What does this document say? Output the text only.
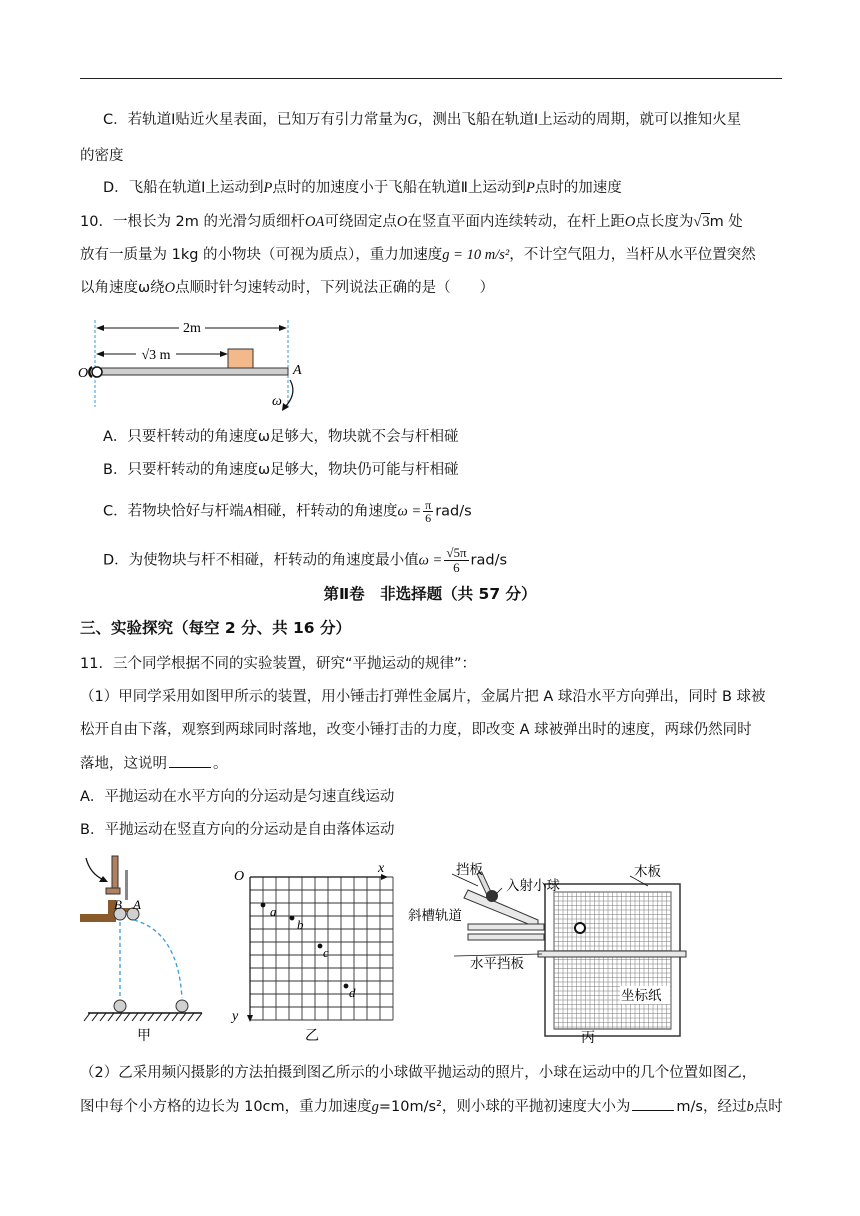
C．若轨道Ⅰ贴近火星表面，已知万有引力常量为G，测出飞船在轨道Ⅰ上运动的周期，就可以推知火星
的密度
D．飞船在轨道Ⅰ上运动到P点时的加速度小于飞船在轨道Ⅱ上运动到P点时的加速度
10．一根长为 2m 的光滑匀质细杆OA可绕固定点O在竖直平面内连续转动，在杆上距O点长度为√3m 处
放有一质量为 1kg 的小物块（可视为质点），重力加速度g = 10 m/s²，不计空气阻力，当杆从水平位置突然
以角速度ω绕O点顺时针匀速转动时，下列说法正确的是（　　）
2m
√3 m
O	A
ω
A．只要杆转动的角速度ω足够大，物块就不会与杆相碰
B．只要杆转动的角速度ω足够大，物块仍可能与杆相碰
C．若物块恰好与杆端A相碰，杆转动的角速度$\omega = \frac{\pi}{6} rad/s$
D．为使物块与杆不相碰，杆转动的角速度最小值$\omega = \frac{√5\pi}{6} rad/s$
第Ⅱ卷　非选择题（共 57 分）
三、实验探究（每空 2 分、共 16 分）
11．三个同学根据不同的实验装置，研究“平抛运动的规律”：
（1）甲同学采用如图甲所示的装置，用小锤击打弹性金属片，金属片把 A 球沿水平方向弹出，同时 B 球被
松开自由下落，观察到两球同时落地，改变小锤打击的力度，即改变 A 球被弹出时的速度，两球仍然同时
落地，这说明	。
A．平抛运动在水平方向的分运动是匀速直线运动
B．平抛运动在竖直方向的分运动是自由落体运动
B A
甲
O
x
y
a
b
c
d
乙
挡板
入射小球
斜槽轨道
木板
水平挡板
坐标纸
丙
（2）乙采用频闪摄影的方法拍摄到图乙所示的小球做平抛运动的照片，小球在运动中的几个位置如图乙，
图中每个小方格的边长为 10cm，重力加速度g=10m/s²，则小球的平抛初速度大小为	m/s，经过b点时
